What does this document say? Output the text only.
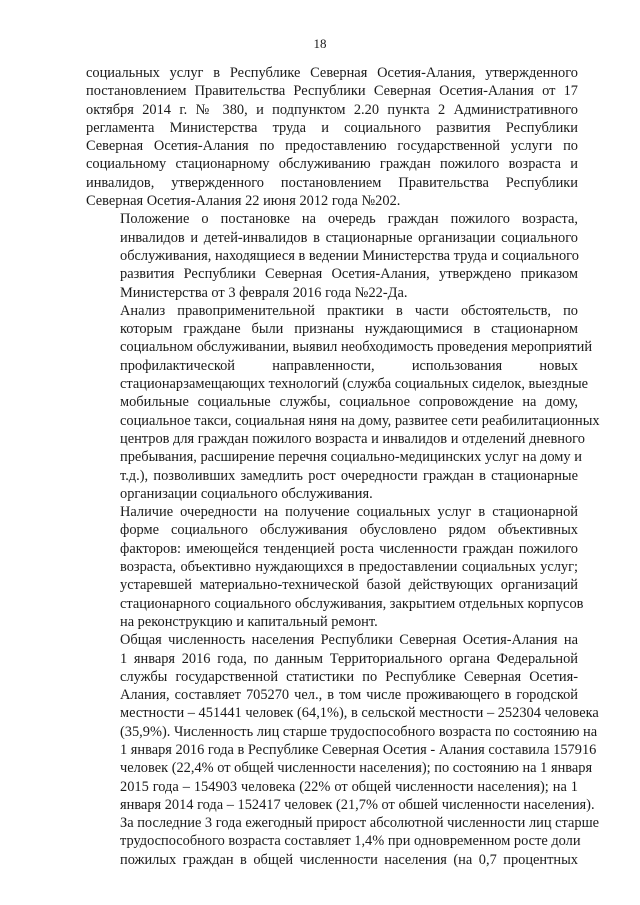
18
социальных услуг в Республике Северная Осетия-Алания, утвержденного
постановлением Правительства Республики Северная Осетия-Алания от 17
октября 2014 г. № 380, и подпунктом 2.20 пункта 2 Административного
регламента Министерства труда и социального развития Республики
Северная Осетия-Алания по предоставлению государственной услуги по
социальному стационарному обслуживанию граждан пожилого возраста и
инвалидов, утвержденного постановлением Правительства Республики
Северная Осетия-Алания 22 июня 2012 года №202.
Положение о постановке на очередь граждан пожилого возраста,
инвалидов и детей-инвалидов в стационарные организации социального
обслуживания, находящиеся в ведении Министерства труда и социального
развития Республики Северная Осетия-Алания, утверждено приказом
Министерства от 3 февраля 2016 года №22-Да.
Анализ правоприменительной практики в части обстоятельств, по
которым граждане были признаны нуждающимися в стационарном
социальном обслуживании, выявил необходимость проведения мероприятий
профилактической направленности, использования новых
стационарзамещающих технологий (служба социальных сиделок, выездные
мобильные социальные службы, социальное сопровождение на дому,
социальное такси, социальная няня на дому, развитее сети реабилитационных
центров для граждан пожилого возраста и инвалидов и отделений дневного
пребывания, расширение перечня социально-медицинских услуг на дому и
т.д.), позволивших замедлить рост очередности граждан в стационарные
организации социального обслуживания.
Наличие очередности на получение социальных услуг в стационарной
форме социального обслуживания обусловлено рядом объективных
факторов: имеющейся тенденцией роста численности граждан пожилого
возраста, объективно нуждающихся в предоставлении социальных услуг;
устаревшей материально-технической базой действующих организаций
стационарного социального обслуживания, закрытием отдельных корпусов
на реконструкцию и капитальный ремонт.
Общая численность населения Республики Северная Осетия-Алания на
1 января 2016 года, по данным Территориального органа Федеральной
службы государственной статистики по Республике Северная Осетия-
Алания, составляет 705270 чел., в том числе проживающего в городской
местности – 451441 человек (64,1%), в сельской местности – 252304 человека
(35,9%). Численность лиц старше трудоспособного возраста по состоянию на
1 января 2016 года в Республике Северная Осетия - Алания составила 157916
человек (22,4% от общей численности населения); по состоянию на 1 января
2015 года – 154903 человека (22% от общей численности населения); на 1
января 2014 года – 152417 человек (21,7% от обшей численности населения).
За последние 3 года ежегодный прирост абсолютной численности лиц старше
трудоспособного возраста составляет 1,4% при одновременном росте доли
пожилых граждан в общей численности населения (на 0,7 процентных
